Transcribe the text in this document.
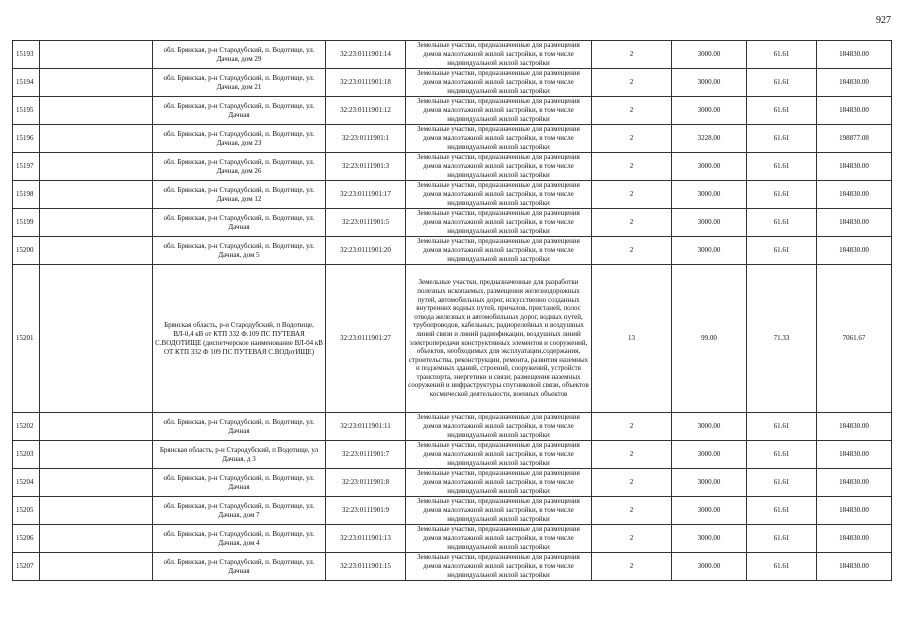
927
15193		обл. Брянская, р-н Стародубский, п. Водотище, ул. Дачная, дом 29	32:23:0111901:14	Земельные участки, предназначенные для размещения домов малоэтажной жилой застройки, в том числе индивидуальной жилой застройки	2	3000.00	61.61	184830.00
15194		обл. Брянская, р-н Стародубский, п. Водотище, ул. Дачная, дом 21	32:23:0111901:18	Земельные участки, предназначенные для размещения домов малоэтажной жилой застройки, в том числе индивидуальной жилой застройки	2	3000.00	61.61	184830.00
15195		обл. Брянская, р-н Стародубский, п. Водотище, ул. Дачная	32:23:0111901:12	Земельные участки, предназначенные для размещения домов малоэтажной жилой застройки, в том числе индивидуальной жилой застройки	2	3000.00	61.61	184830.00
15196		обл. Брянская, р-н Стародубский, п. Водотище, ул. Дачная, дом 23	32:23:0111901:1	Земельные участки, предназначенные для размещения домов малоэтажной жилой застройки, в том числе индивидуальной жилой застройки	2	3228.00	61.61	198877.08
15197		обл. Брянская, р-н Стародубский, п. Водотище, ул. Дачная, дом 26	32:23:0111901:3	Земельные участки, предназначенные для размещения домов малоэтажной жилой застройки, в том числе индивидуальной жилой застройки	2	3000.00	61.61	184830.00
15198		обл. Брянская, р-н Стародубский, п. Водотище, ул. Дачная, дом 12	32:23:0111901:17	Земельные участки, предназначенные для размещения домов малоэтажной жилой застройки, в том числе индивидуальной жилой застройки	2	3000.00	61.61	184830.00
15199		обл. Брянская, р-н Стародубский, п. Водотище, ул. Дачная	32:23:0111901:5	Земельные участки, предназначенные для размещения домов малоэтажной жилой застройки, в том числе индивидуальной жилой застройки	2	3000.00	61.61	184830.00
15200		обл. Брянская, р-н Стародубский, п. Водотище, ул. Дачная, дом 5	32:23:0111901:20	Земельные участки, предназначенные для размещения домов малоэтажной жилой застройки, в том числе индивидуальной жилой застройки	2	3000.00	61.61	184830.00
15201		Брянская область, р-н Стародубский, п Водотище, ВЛ-0,4 кВ от КТП 332 Ф.109 ПС ПУТЕВАЯ С.ВОДОТИЩЕ (диспетчерское наименование ВЛ-04 кВ ОТ КТП 332 Ф 109 ПС ПУТЕВАЯ С.ВОДотИЩЕ)	32:23:0111901:27	Земельные участки, предназначенные для разработки полезных ископаемых, размещения железнодорожных путей, автомобильных дорог, искусственно созданных внутренних водных путей, причалов, пристаней, полос отвода железных и автомобильных дорог, водных путей, трубопроводов, кабельных, радиорелейных и воздушных линий связи и линий радиофикации, воздушных линий электропередачи конструктивных элементов и сооружений, объектов, необходимых для эксплуатации,содержания, строительства, реконструкции, ремонта, развития наземных и подземных зданий, строений, сооружений, устройств транспорта, энергетики и связи; размещения наземных сооружений и инфраструктуры спутниковой связи, объектов космической деятельности, военных объектов	13	99.00	71.33	7061.67
15202		обл. Брянская, р-н Стародубский, п. Водотище, ул. Дачная	32:23:0111901:11	Земельные участки, предназначенные для размещения домов малоэтажной жилой застройки, в том числе индивидуальной жилой застройки	2	3000.00	61.61	184830.00
15203		Брянская область, р-н Стародубский, п Водотище, ул Дачная, д 3	32:23:0111901:7	Земельные участки, предназначенные для размещения домов малоэтажной жилой застройки, в том числе индивидуальной жилой застройки	2	3000.00	61.61	184830.00
15204		обл. Брянская, р-н Стародубский, п. Водотище, ул. Дачная	32:23:0111901:8	Земельные участки, предназначенные для размещения домов малоэтажной жилой застройки, в том числе индивидуальной жилой застройки	2	3000.00	61.61	184830.00
15205		обл. Брянская, р-н Стародубский, п. Водотище, ул. Дачная, дом 7	32:23:0111901:9	Земельные участки, предназначенные для размещения домов малоэтажной жилой застройки, в том числе индивидуальной жилой застройки	2	3000.00	61.61	184830.00
15206		обл. Брянская, р-н Стародубский, п. Водотище, ул. Дачная, дом 4	32:23:0111901:13	Земельные участки, предназначенные для размещения домов малоэтажной жилой застройки, в том числе индивидуальной жилой застройки	2	3000.00	61.61	184830.00
15207		обл. Брянская, р-н Стародубский, п. Водотище, ул. Дачная	32:23:0111901:15	Земельные участки, предназначенные для размещения домов малоэтажной жилой застройки, в том числе индивидуальной жилой застройки	2	3000.00	61.61	184830.00
